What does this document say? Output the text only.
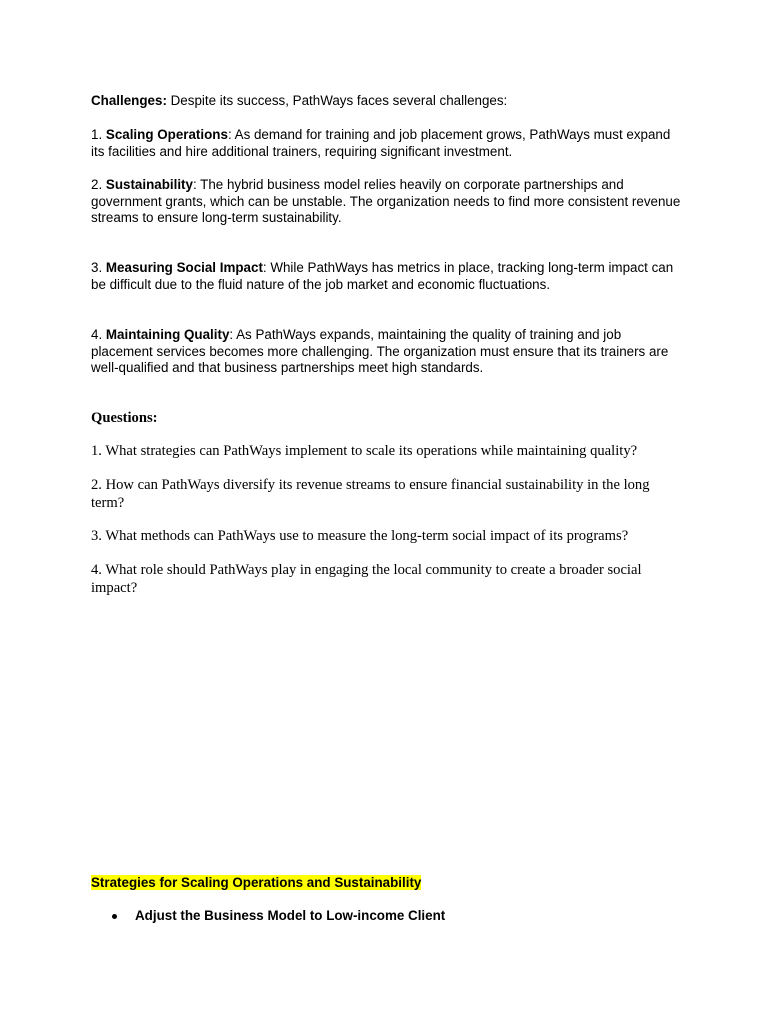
Challenges: Despite its success, PathWays faces several challenges:

1. Scaling Operations: As demand for training and job placement grows, PathWays must expand its facilities and hire additional trainers, requiring significant investment.

2. Sustainability: The hybrid business model relies heavily on corporate partnerships and government grants, which can be unstable. The organization needs to find more consistent revenue streams to ensure long-term sustainability.

3. Measuring Social Impact: While PathWays has metrics in place, tracking long-term impact can be difficult due to the fluid nature of the job market and economic fluctuations.

4. Maintaining Quality: As PathWays expands, maintaining the quality of training and job placement services becomes more challenging. The organization must ensure that its trainers are well-qualified and that business partnerships meet high standards.

Questions:

1. What strategies can PathWays implement to scale its operations while maintaining quality?

2. How can PathWays diversify its revenue streams to ensure financial sustainability in the long term?

3. What methods can PathWays use to measure the long-term social impact of its programs?

4. What role should PathWays play in engaging the local community to create a broader social impact?

Strategies for Scaling Operations and Sustainability

Adjust the Business Model to Low-income Client
